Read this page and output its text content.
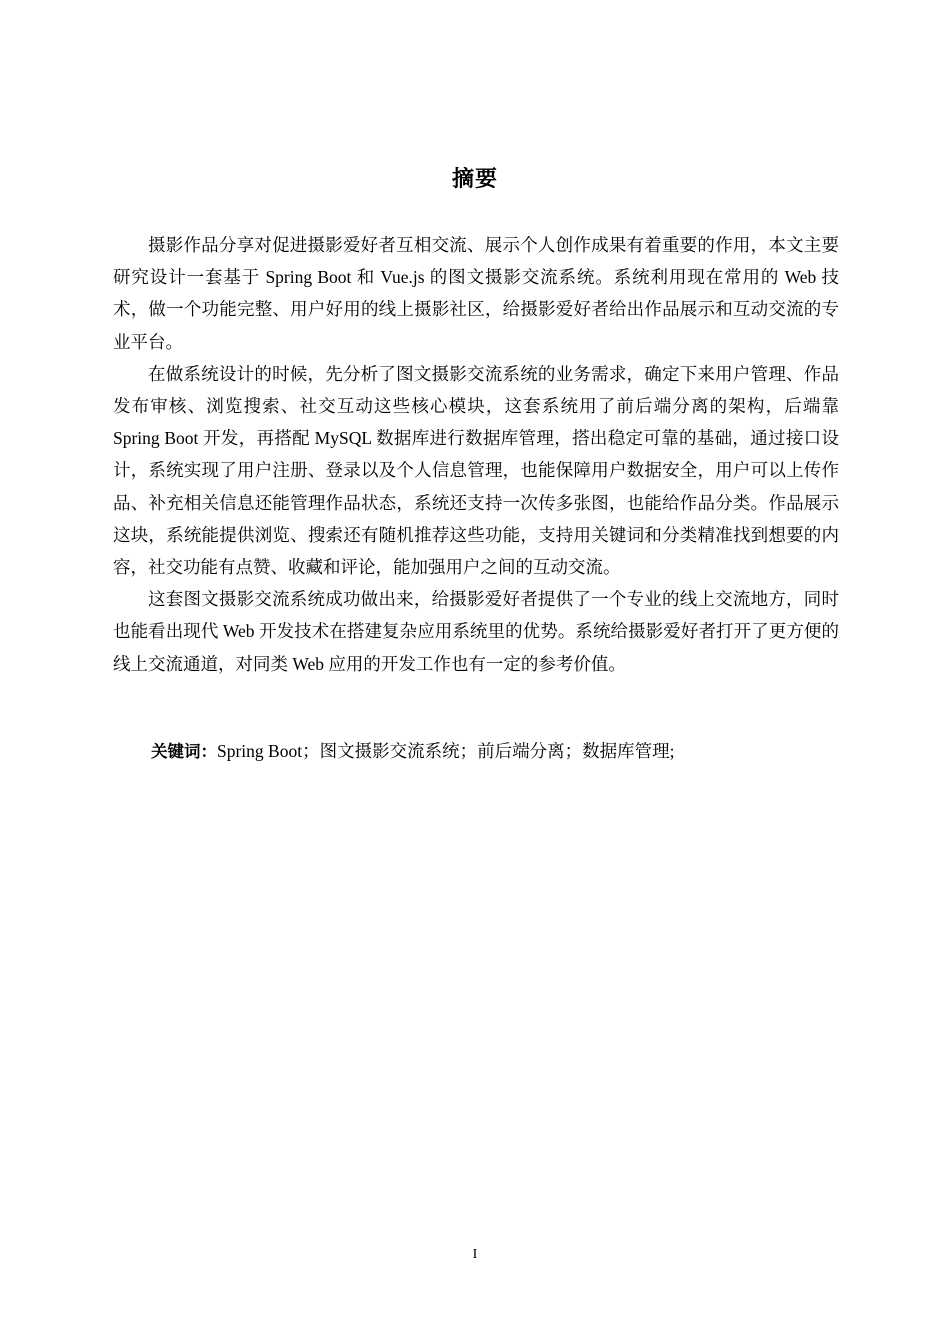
摘要

摄影作品分享对促进摄影爱好者互相交流、展示个人创作成果有着重要的作用，本文主要研究设计一套基于 Spring Boot 和 Vue.js 的图文摄影交流系统。系统利用现在常用的 Web 技术，做一个功能完整、用户好用的线上摄影社区，给摄影爱好者给出作品展示和互动交流的专业平台。

在做系统设计的时候，先分析了图文摄影交流系统的业务需求，确定下来用户管理、作品发布审核、浏览搜索、社交互动这些核心模块，这套系统用了前后端分离的架构，后端靠 Spring Boot 开发，再搭配 MySQL 数据库进行数据库管理，搭出稳定可靠的基础，通过接口设计，系统实现了用户注册、登录以及个人信息管理，也能保障用户数据安全，用户可以上传作品、补充相关信息还能管理作品状态，系统还支持一次传多张图，也能给作品分类。作品展示这块，系统能提供浏览、搜索还有随机推荐这些功能，支持用关键词和分类精准找到想要的内容，社交功能有点赞、收藏和评论，能加强用户之间的互动交流。

这套图文摄影交流系统成功做出来，给摄影爱好者提供了一个专业的线上交流地方，同时也能看出现代 Web 开发技术在搭建复杂应用系统里的优势。系统给摄影爱好者打开了更方便的线上交流通道，对同类 Web 应用的开发工作也有一定的参考价值。

关键词：Spring Boot；图文摄影交流系统；前后端分离；数据库管理;
I
